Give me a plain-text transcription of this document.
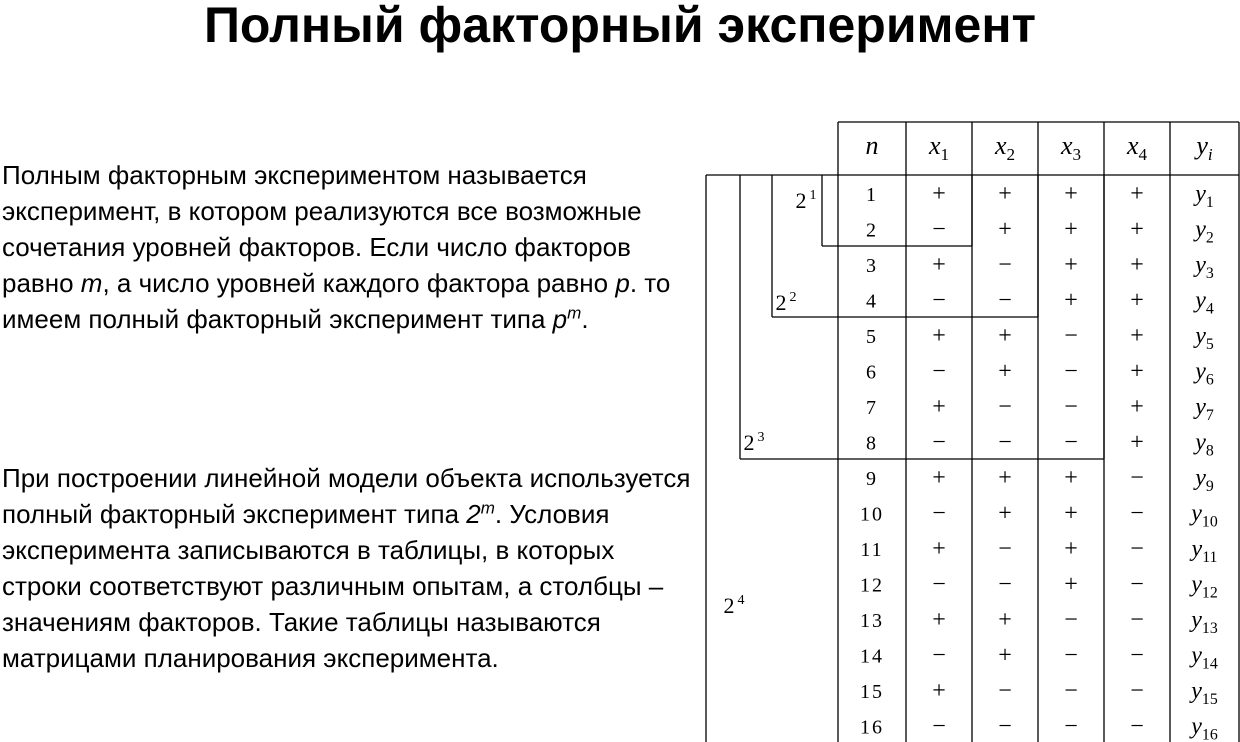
Полный факторный эксперимент
Полным факторным экспериментом называется эксперимент, в котором реализуются все возможные сочетания уровней факторов. Если число факторов равно m, а число уровней каждого фактора равно p. то имеем полный факторный эксперимент типа $p^m$.
При построении линейной модели объекта используется полный факторный эксперимент типа 2$^m$. Условия эксперимента записываются в таблицы, в которых строки соответствуют различным опытам, а столбцы – значениям факторов. Такие таблицы называются матрицами планирования эксперимента.
n $x_1$ $x_2$ $x_3$ $x_4$ $y_i$
1 + + + + $y_1$
2 − + + + $y_2$
3 + − + + $y_3$
4 − − + + $y_4$
5 + + − + $y_5$
6 − + − + $y_6$
7 + − − + $y_7$
8 − − − + $y_8$
9 + + + − $y_9$
10 − + + − $y_{10}$
11 + − + − $y_{11}$
12 − − + − $y_{12}$
13 + + − − $y_{13}$
14 − + − − $y_{14}$
15 + − − − $y_{15}$
16 − − − − $y_{16}$
2 $^1$
2 $^2$
2 $^3$
2 $^4$
